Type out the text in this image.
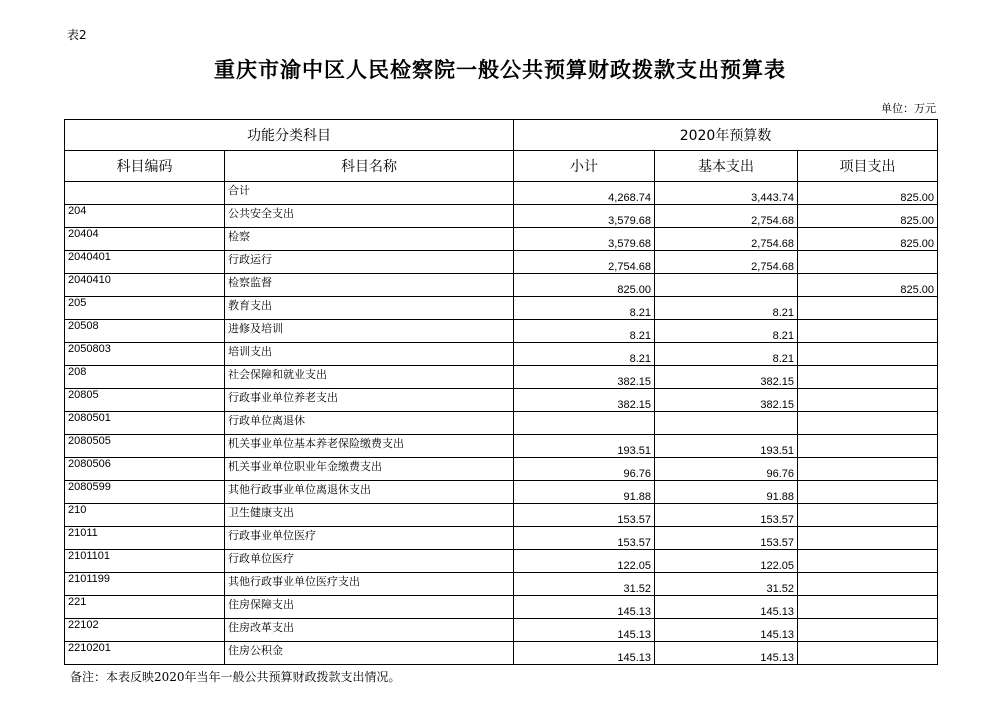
表2
重庆市渝中区人民检察院一般公共预算财政拨款支出预算表
单位：万元
功能分类科目		2020年预算数		
科目编码	科目名称	小计	基本支出	项目支出
	合计	4,268.74	3,443.74	825.00
204	公共安全支出	3,579.68	2,754.68	825.00
20404	检察	3,579.68	2,754.68	825.00
2040401	行政运行	2,754.68	2,754.68	
2040410	检察监督	825.00		825.00
205	教育支出	8.21	8.21	
20508	进修及培训	8.21	8.21	
2050803	培训支出	8.21	8.21	
208	社会保障和就业支出	382.15	382.15	
20805	行政事业单位养老支出	382.15	382.15	
2080501	行政单位离退休			
2080505	机关事业单位基本养老保险缴费支出	193.51	193.51	
2080506	机关事业单位职业年金缴费支出	96.76	96.76	
2080599	其他行政事业单位离退休支出	91.88	91.88	
210	卫生健康支出	153.57	153.57	
21011	行政事业单位医疗	153.57	153.57	
2101101	行政单位医疗	122.05	122.05	
2101199	其他行政事业单位医疗支出	31.52	31.52	
221	住房保障支出	145.13	145.13	
22102	住房改革支出	145.13	145.13	
2210201	住房公积金	145.13	145.13	
备注：本表反映2020年当年一般公共预算财政拨款支出情况。
